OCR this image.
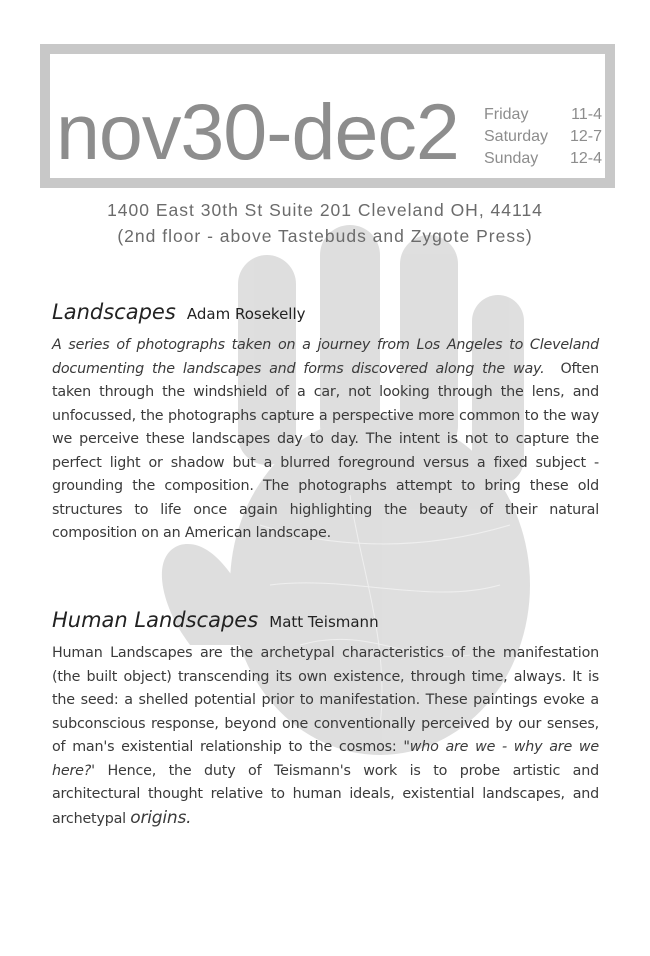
nov30-dec2 Friday	11-4
Saturday 12-7
Sunday 12-4
1400 East 30th St Suite 201 Cleveland OH, 44114
(2nd floor - above Tastebuds and Zygote Press)
Landscapes Adam Rosekelly

A series of photographs taken on a journey from Los Angeles to Cleveland documenting the landscapes and forms discovered along the way. Often taken through the windshield of a car, not looking through the lens, and unfocussed, the photographs capture a perspective more common to the way we perceive these landscapes day to day. The intent is not to capture the perfect light or shadow but a blurred foreground versus a fixed subject - grounding the composition. The photographs attempt to bring these old structures to life once again highlighting the beauty of their natural composition on an American landscape.

Human Landscapes Matt Teismann

Human Landscapes are the archetypal characteristics of the manifestation (the built object) transcending its own existence, through time, always. It is the seed: a shelled potential prior to manifestation. These paintings evoke a subconscious response, beyond one conventionally perceived by our senses, of man's existential relationship to the cosmos: "who are we - why are we here?' Hence, the duty of Teismann's work is to probe artistic and architectural thought relative to human ideals, existential landscapes, and archetypal origins.
